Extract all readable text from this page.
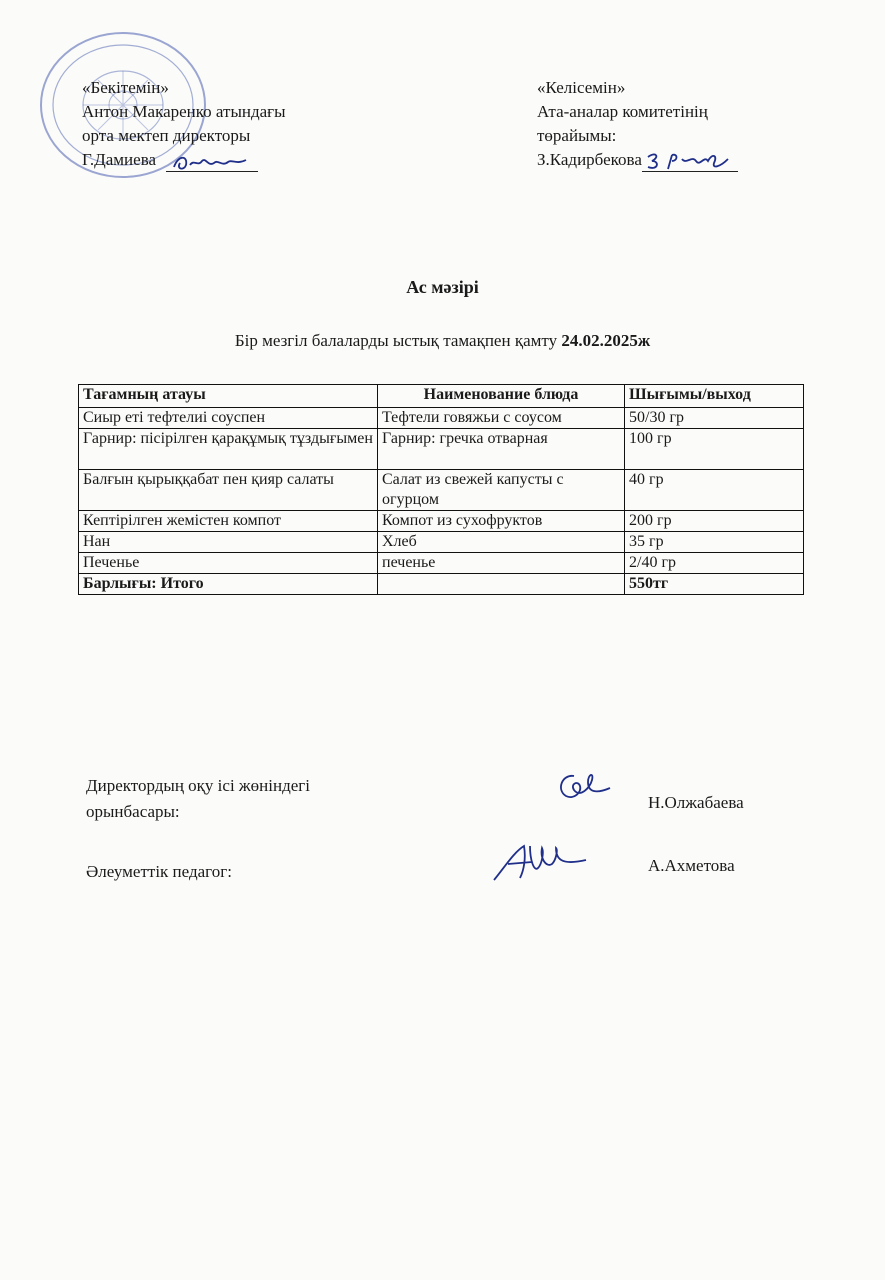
«Бекітемін»
Антон Макаренко атындағы
орта мектеп директоры
Г.Дамиева
«Келісемін»
Ата-аналар комитетінің
төрайымы:
З.Кадирбекова
Ас мәзірі
Бір мезгіл балаларды ыстық тамақпен қамту 24.02.2025ж
Тағамның атауы	Наименование блюда	Шығымы/выход
Сиыр еті тефтелиі соуспен	Тефтели говяжьи с соусом	50/30 гр
Гарнир: пісірілген қарақұмық тұздығымен	Гарнир: гречка отварная	100 гр
Балғын қырыққабат пен қияр салаты	Салат из свежей капусты с огурцом	40 гр
Кептірілген жемістен компот	Компот из сухофруктов	200 гр
Нан	Хлеб	35 гр
Печенье	печенье	2/40 гр
Барлығы: Итого		550тг
Директордың оқу ісі жөніндегі
орынбасары:	Н.Олжабаева
Әлеуметтік педагог:	А.Ахметова
